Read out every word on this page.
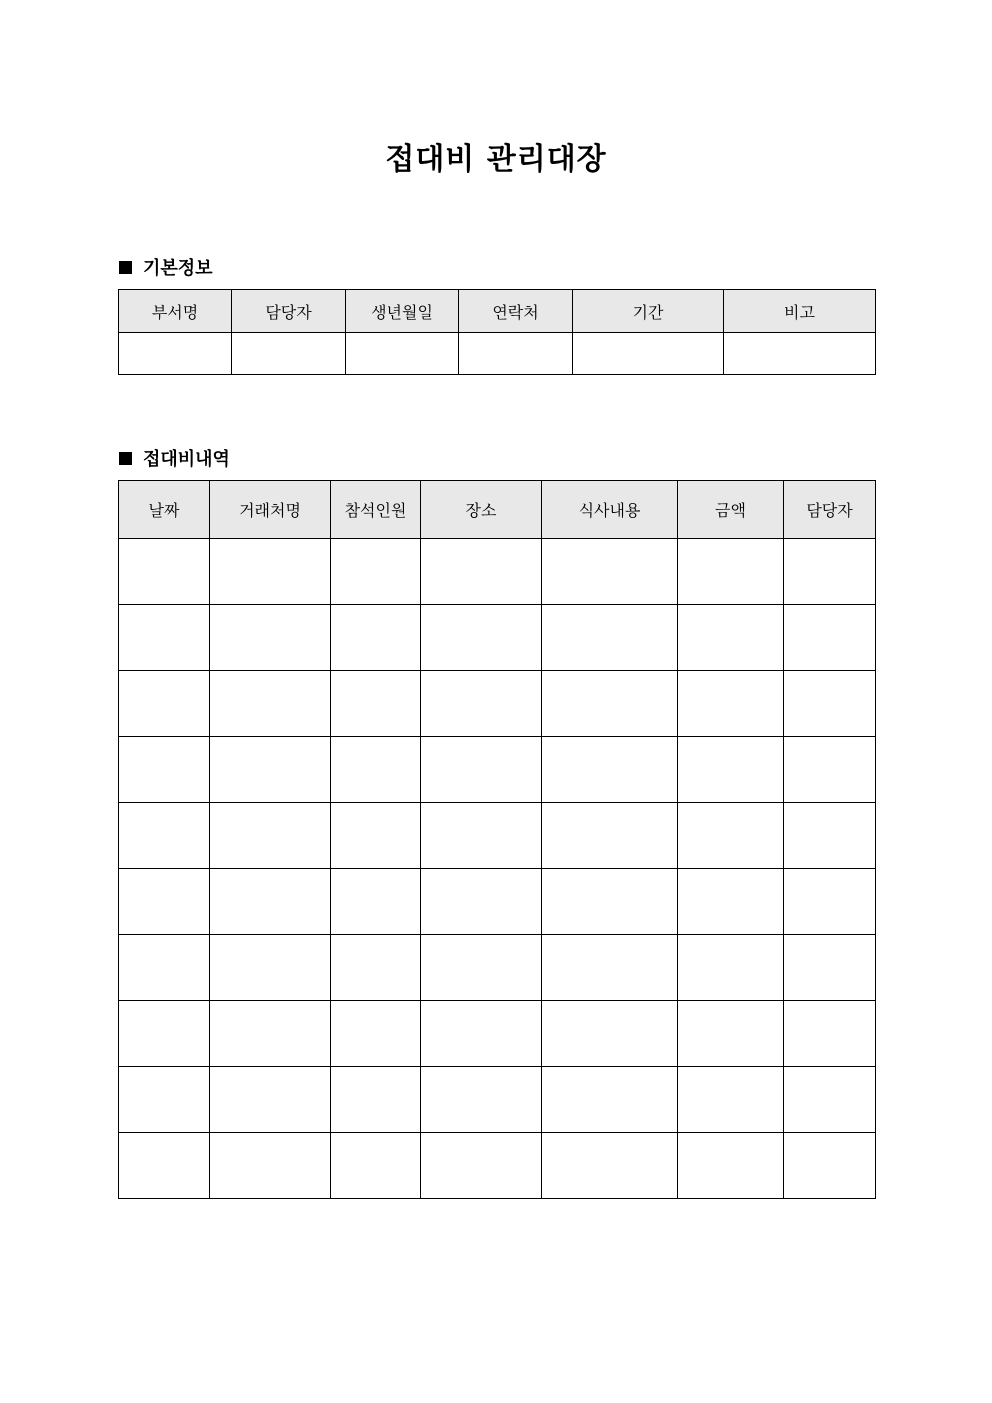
접대비 관리대장
기본정보
부서명	담당자	생년월일	연락처	기간	비고

접대비내역
날짜	거래처명	참석인원	장소	식사내용	금액	담당자
